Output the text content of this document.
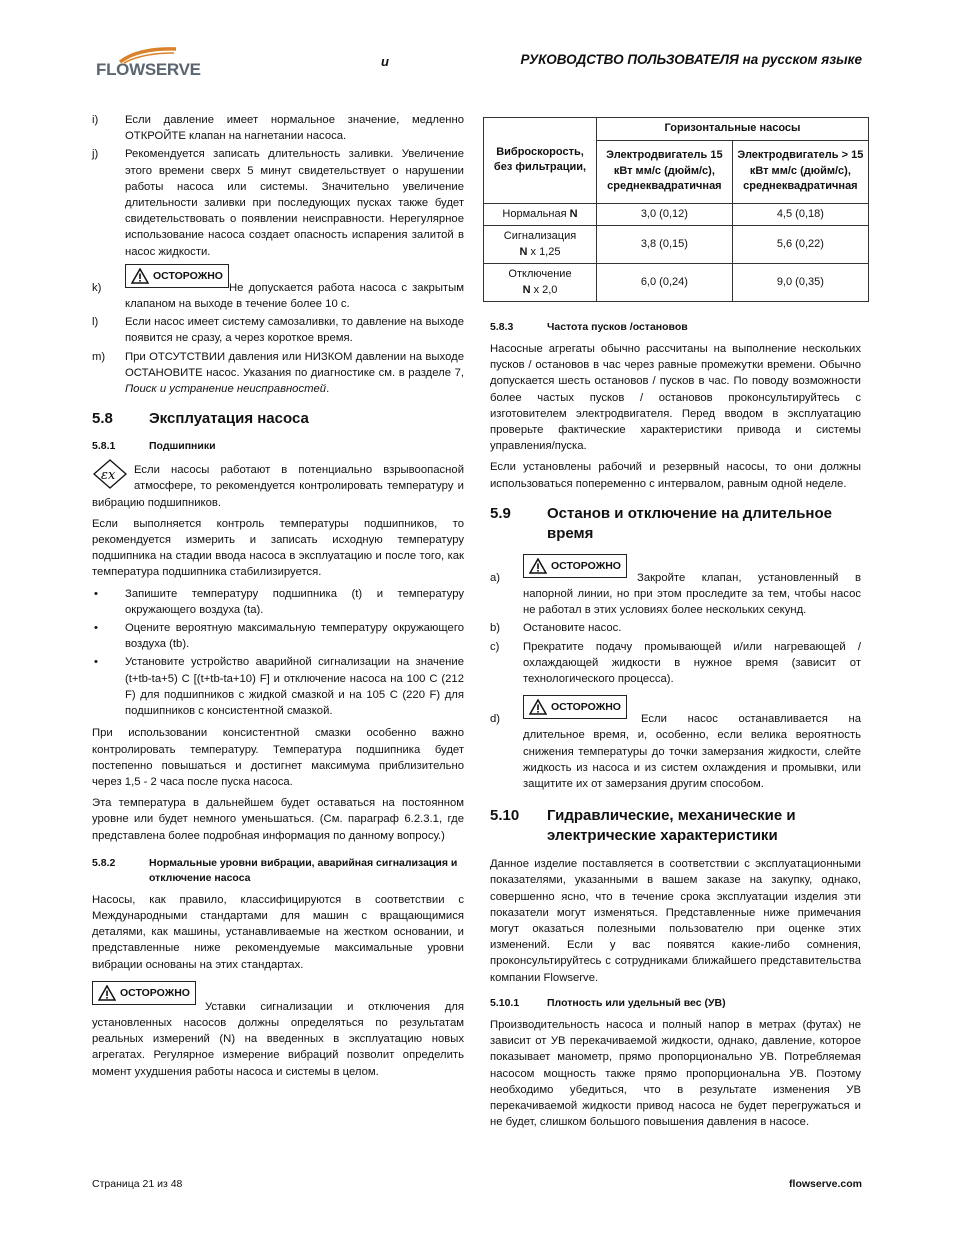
FLOWSERVE	и	РУКОВОДСТВО ПОЛЬЗОВАТЕЛЯ на русском языке
i) Если давление имеет нормальное значение, медленно ОТКРОЙТЕ клапан на нагнетании насоса.
j) Рекомендуется записать длительность заливки. Увеличение этого времени сверх 5 минут свидетельствует о нарушении работы насоса или системы. Значительно увеличение длительности заливки при последующих пусках также будет свидетельствовать о появлении неисправности. Нерегулярное использование насоса создает опасность испарения залитой в насос жидкости.
k)
ОСТОРОЖНО
Не допускается работа насоса с закрытым клапаном на выходе в течение более 10 с.
l) Если насос имеет систему самозаливки, то давление на выходе появится не сразу, а через короткое время.
m) При ОТСУТСТВИИ давления или НИЗКОМ давлении на выходе ОСТАНОВИТЕ насос. Указания по диагностике см. в разделе 7, Поиск и устранение неисправностей.
5.8 Эксплуатация насоса
5.8.1	Подшипники

εx Если насосы работают в потенциально взрывоопасной атмосфере, то рекомендуется контролировать температуру и вибрацию подшипников.

Если выполняется контроль температуры подшипников, то рекомендуется измерить и записать исходную температуру подшипника на стадии ввода насоса в эксплуатацию и после того, как температура подшипника стабилизируется.

• Запишите температуру подшипника (t) и температуру окружающего воздуха (ta).
• Оцените вероятную максимальную температуру окружающего воздуха (tb).
• Установите устройство аварийной сигнализации на значение (t+tb-ta+5) C [(t+tb-ta+10) F] и отключение насоса на 100 C (212 F) для подшипников с жидкой смазкой и на 105 C (220 F) для подшипников с консистентной смазкой.

При использовании консистентной смазки особенно важно контролировать температуру. Температура подшипника будет постепенно повышаться и достигнет максимума приблизительно через 1,5 - 2 часа после пуска насоса.

Эта температура в дальнейшем будет оставаться на постоянном уровне или будет немного уменьшаться. (См. параграф 6.2.3.1, где представлена более подробная информация по данному вопросу.)

5.8.2	Нормальные уровни вибрации, аварийная сигнализация и отключение насоса

Насосы, как правило, классифицируются в соответствии с Международными стандартами для машин с вращающимися деталями, как машины, устанавливаемые на жестком основании, и представленные ниже рекомендуемые максимальные уровни вибрации основаны на этих стандартах.

ОСТОРОЖНО

Уставки сигнализации и отключения для установленных насосов должны определяться по результатам реальных измерений (N) на введенных в эксплуатацию новых агрегатах. Регулярное измерение вибраций позволит определить момент ухудшения работы насоса и системы в целом.

Виброскорость, без фильтрации,	Горизонтальные насосы	
	Электродвигатель 15 кВт мм/с (дюйм/с), среднеквадратичная	Электродвигатель > 15 кВт мм/с (дюйм/с), среднеквадратичная
Нормальная N	3,0 (0,12)	4,5 (0,18)
Сигнализация
N x 1,25	3,8 (0,15)	5,6 (0,22)
Отключение
N x 2,0	6,0 (0,24)	9,0 (0,35)
5.8.3	Частота пусков /остановов

Насосные агрегаты обычно рассчитаны на выполнение нескольких пусков / остановов в час через равные промежутки времени. Обычно допускается шесть остановов / пусков в час. По поводу возможности более частых пусков / остановов проконсультируйтесь с изготовителем электродвигателя. Перед вводом в эксплуатацию проверьте фактические характеристики привода и системы управления/пуска.

Если установлены рабочий и резервный насосы, то они должны использоваться попеременно с интервалом, равным одной неделе.

5.9 Останов и отключение на длительное время
a)
ОСТОРОЖНО
Закройте клапан, установленный в напорной линии, но при этом проследите за тем, чтобы насос не работал в этих условиях более нескольких секунд.
b) Остановите насос.
c) Прекратите подачу промывающей и/или нагревающей / охлаждающей жидкости в нужное время (зависит от технологического процесса).
d)
ОСТОРОЖНО
Если насос останавливается на длительное время, и, особенно, если велика вероятность снижения температуры до точки замерзания жидкости, слейте жидкость из насоса и из систем охлаждения и промывки, или защитите их от замерзания другим способом.
5.10 Гидравлические, механические и электрические характеристики

Данное изделие поставляется в соответствии с эксплуатационными показателями, указанными в вашем заказе на закупку, однако, совершенно ясно, что в течение срока эксплуатации изделия эти показатели могут изменяться. Представленные ниже примечания могут оказаться полезными пользователю при оценке этих изменений. Если у вас появятся какие-либо сомнения, проконсультируйтесь с сотрудниками ближайшего представительства компании Flowserve.

5.10.1	Плотность или удельный вес (УВ)

Производительность насоса и полный напор в метрах (футах) не зависит от УВ перекачиваемой жидкости, однако, давление, которое показывает манометр, прямо пропорционально УВ. Потребляемая насосом мощность также прямо пропорциональна УВ. Поэтому необходимо убедиться, что в результате изменения УВ перекачиваемой жидкости привод насоса не будет перегружаться и не будет, слишком большого повышения давления в насосе.

Страница 21 из 48	flowserve.com
